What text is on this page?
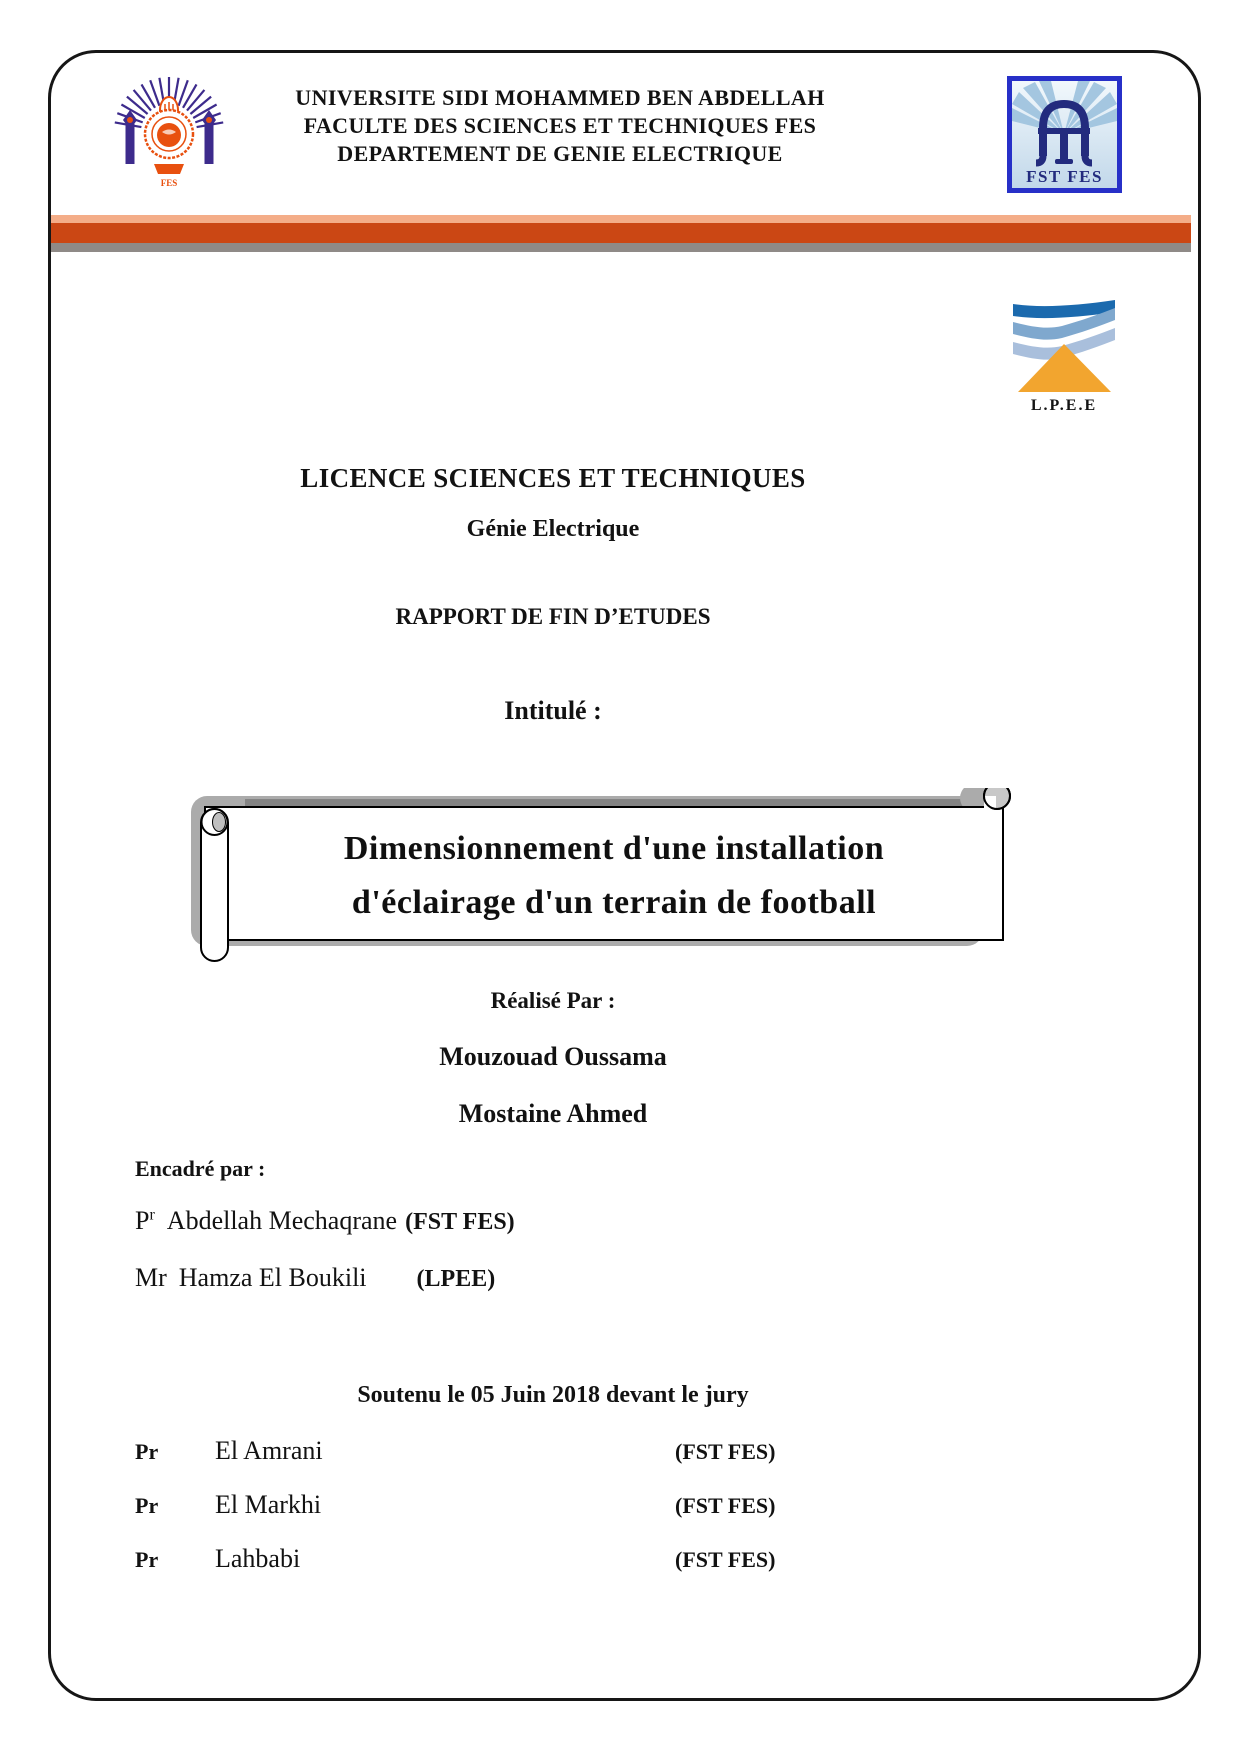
FES
UNIVERSITE SIDI MOHAMMED BEN ABDELLAH
FACULTE DES SCIENCES ET TECHNIQUES FES
DEPARTEMENT DE GENIE ELECTRIQUE
FST FES
L.P.E.E
LICENCE SCIENCES ET TECHNIQUES
Génie Electrique
RAPPORT DE FIN D’ETUDES
Intitulé :
Dimensionnement d'une installation
d'éclairage d'un terrain de football
Réalisé Par :
Mouzouad Oussama
Mostaine Ahmed
Encadré par :
$P^r$ Abdellah Mechaqrane (FST FES)
Mr Hamza El Boukili (LPEE)
Soutenu le 05 Juin 2018 devant le jury
Pr	El Amrani	(FST FES)
Pr	El Markhi	(FST FES)
Pr	Lahbabi	(FST FES)
